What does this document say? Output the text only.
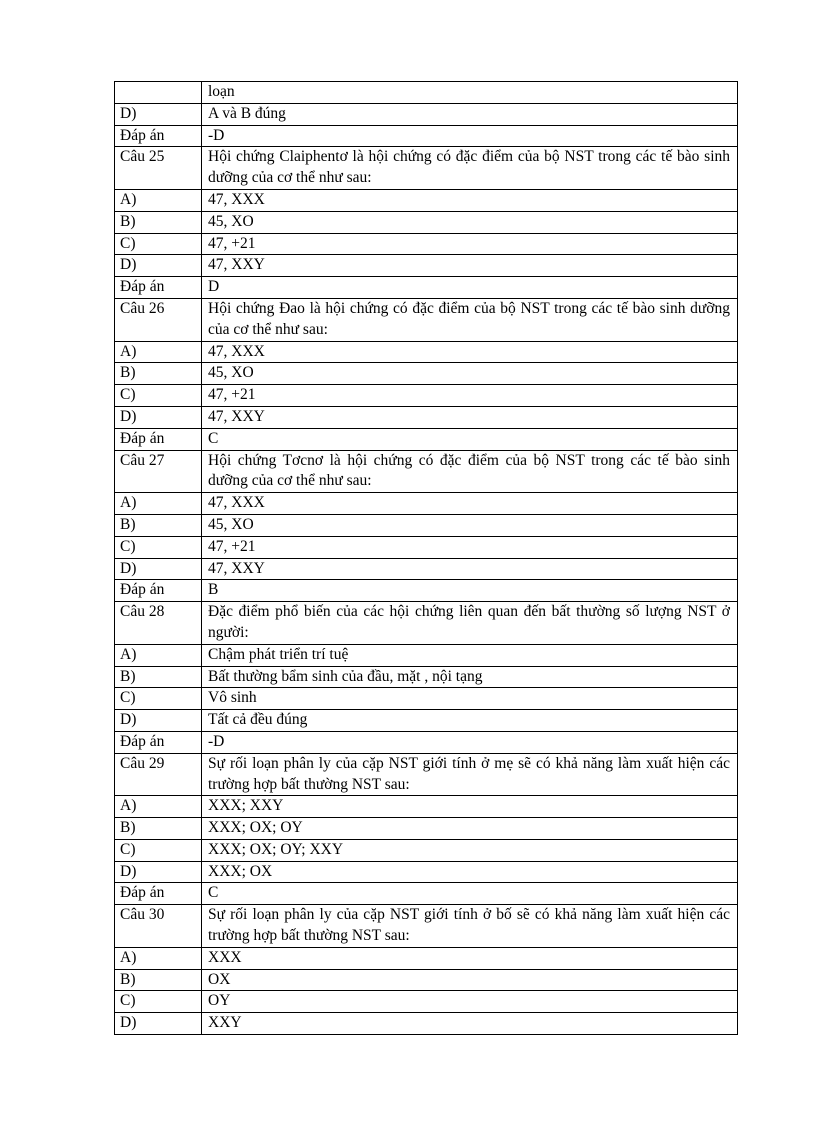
	loạn
D)	A và B đúng
Đáp án	-D
Câu 25	Hội chứng Claiphentơ là hội chứng có đặc điểm của bộ NST trong các tế bào sinh dưỡng của cơ thể như sau:
A)	47, XXX
B)	45, XO
C)	47, +21
D)	47, XXY
Đáp án	D
Câu 26	Hội chứng Đao là hội chứng có đặc điểm của bộ NST trong các tế bào sinh dưỡng của cơ thể như sau:
A)	47, XXX
B)	45, XO
C)	47, +21
D)	47, XXY
Đáp án	C
Câu 27	Hội chứng Tơcnơ là hội chứng có đặc điểm của bộ NST trong các tế bào sinh dưỡng của cơ thể như sau:
A)	47, XXX
B)	45, XO
C)	47, +21
D)	47, XXY
Đáp án	B
Câu 28	Đặc điểm phổ biến của các hội chứng liên quan đến bất thường số lượng NST ở người:
A)	Chậm phát triển trí tuệ
B)	Bất thường bẩm sinh của đầu, mặt , nội tạng
C)	Vô sinh
D)	Tất cả đều đúng
Đáp án	-D
Câu 29	Sự rối loạn phân ly của cặp NST giới tính ở mẹ sẽ có khả năng làm xuất hiện các trường hợp bất thường NST sau:
A)	XXX; XXY
B)	XXX; OX; OY
C)	XXX; OX; OY; XXY
D)	XXX; OX
Đáp án	C
Câu 30	Sự rối loạn phân ly của cặp NST giới tính ở bố sẽ có khả năng làm xuất hiện các trường hợp bất thường NST sau:
A)	XXX
B)	OX
C)	OY
D)	XXY
